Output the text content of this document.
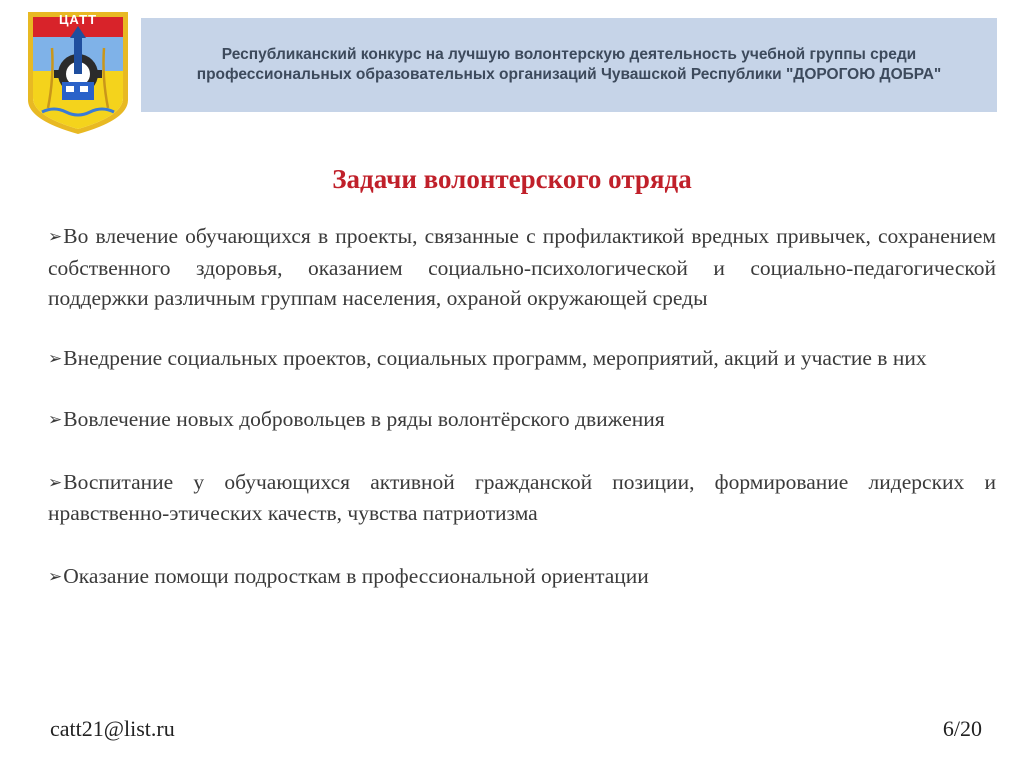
ЦАТТ
Республиканский конкурс на лучшую волонтерскую деятельность учебной группы среди
профессиональных образовательных организаций Чувашской Республики "ДОРОГОЮ ДОБРА"
Задачи волонтерского отряда
➢Во влечение обучающихся в проекты, связанные с профилактикой вредных привычек, сохранением собственного здоровья, оказанием социально-психологической и социально-педагогической поддержки различным группам населения, охраной окружающей среды
➢Внедрение социальных проектов, социальных программ, мероприятий, акций и участие в них
➢Вовлечение новых добровольцев в ряды волонтёрского движения
➢Воспитание у обучающихся активной гражданской позиции, формирование лидерских и нравственно-этических качеств, чувства патриотизма
➢Оказание помощи подросткам в профессиональной ориентации
catt21@list.ru	6/20
